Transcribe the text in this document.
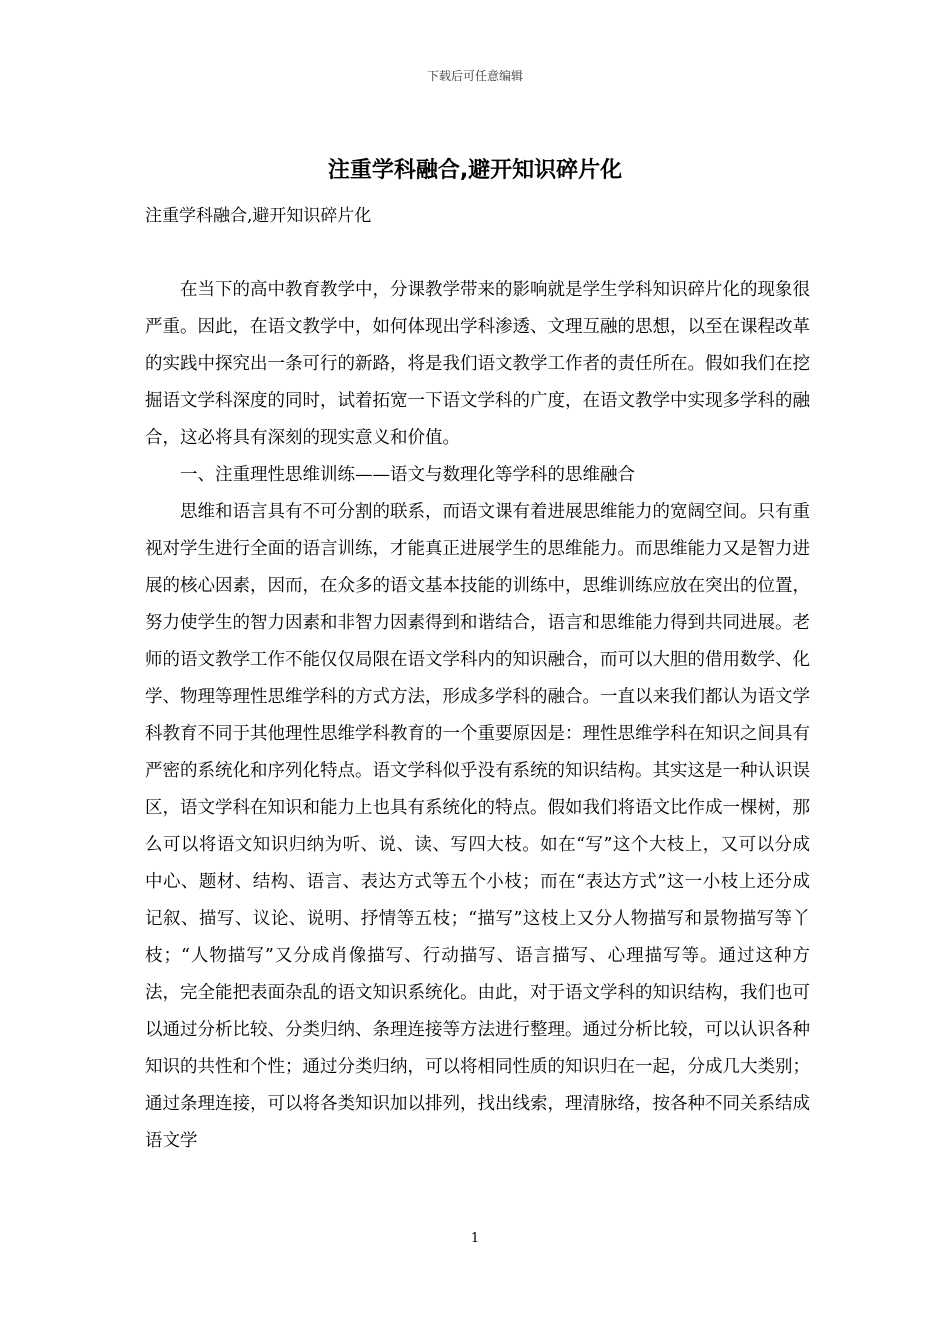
下载后可任意编辑
注重学科融合,避开知识碎片化
注重学科融合,避开知识碎片化

在当下的高中教育教学中，分课教学带来的影响就是学生学科知识碎片化的现象很严重。因此，在语文教学中，如何体现出学科渗透、文理互融的思想，以至在课程改革的实践中探究出一条可行的新路，将是我们语文教学工作者的责任所在。假如我们在挖掘语文学科深度的同时，试着拓宽一下语文学科的广度，在语文教学中实现多学科的融合，这必将具有深刻的现实意义和价值。

一、注重理性思维训练——语文与数理化等学科的思维融合

思维和语言具有不可分割的联系，而语文课有着进展思维能力的宽阔空间。只有重视对学生进行全面的语言训练，才能真正进展学生的思维能力。而思维能力又是智力进展的核心因素，因而，在众多的语文基本技能的训练中，思维训练应放在突出的位置，努力使学生的智力因素和非智力因素得到和谐结合，语言和思维能力得到共同进展。老师的语文教学工作不能仅仅局限在语文学科内的知识融合，而可以大胆的借用数学、化学、物理等理性思维学科的方式方法，形成多学科的融合。一直以来我们都认为语文学科教育不同于其他理性思维学科教育的一个重要原因是：理性思维学科在知识之间具有严密的系统化和序列化特点。语文学科似乎没有系统的知识结构。其实这是一种认识误区，语文学科在知识和能力上也具有系统化的特点。假如我们将语文比作成一棵树，那么可以将语文知识归纳为听、说、读、写四大枝。如在“写”这个大枝上，又可以分成中心、题材、结构、语言、表达方式等五个小枝；而在“表达方式”这一小枝上还分成记叙、描写、议论、说明、抒情等五枝；“描写”这枝上又分人物描写和景物描写等丫枝；“人物描写”又分成肖像描写、行动描写、语言描写、心理描写等。通过这种方法，完全能把表面杂乱的语文知识系统化。由此，对于语文学科的知识结构，我们也可以通过分析比较、分类归纳、条理连接等方法进行整理。通过分析比较，可以认识各种知识的共性和个性；通过分类归纳，可以将相同性质的知识归在一起，分成几大类别；通过条理连接，可以将各类知识加以排列，找出线索，理清脉络，按各种不同关系结成语文学

1
